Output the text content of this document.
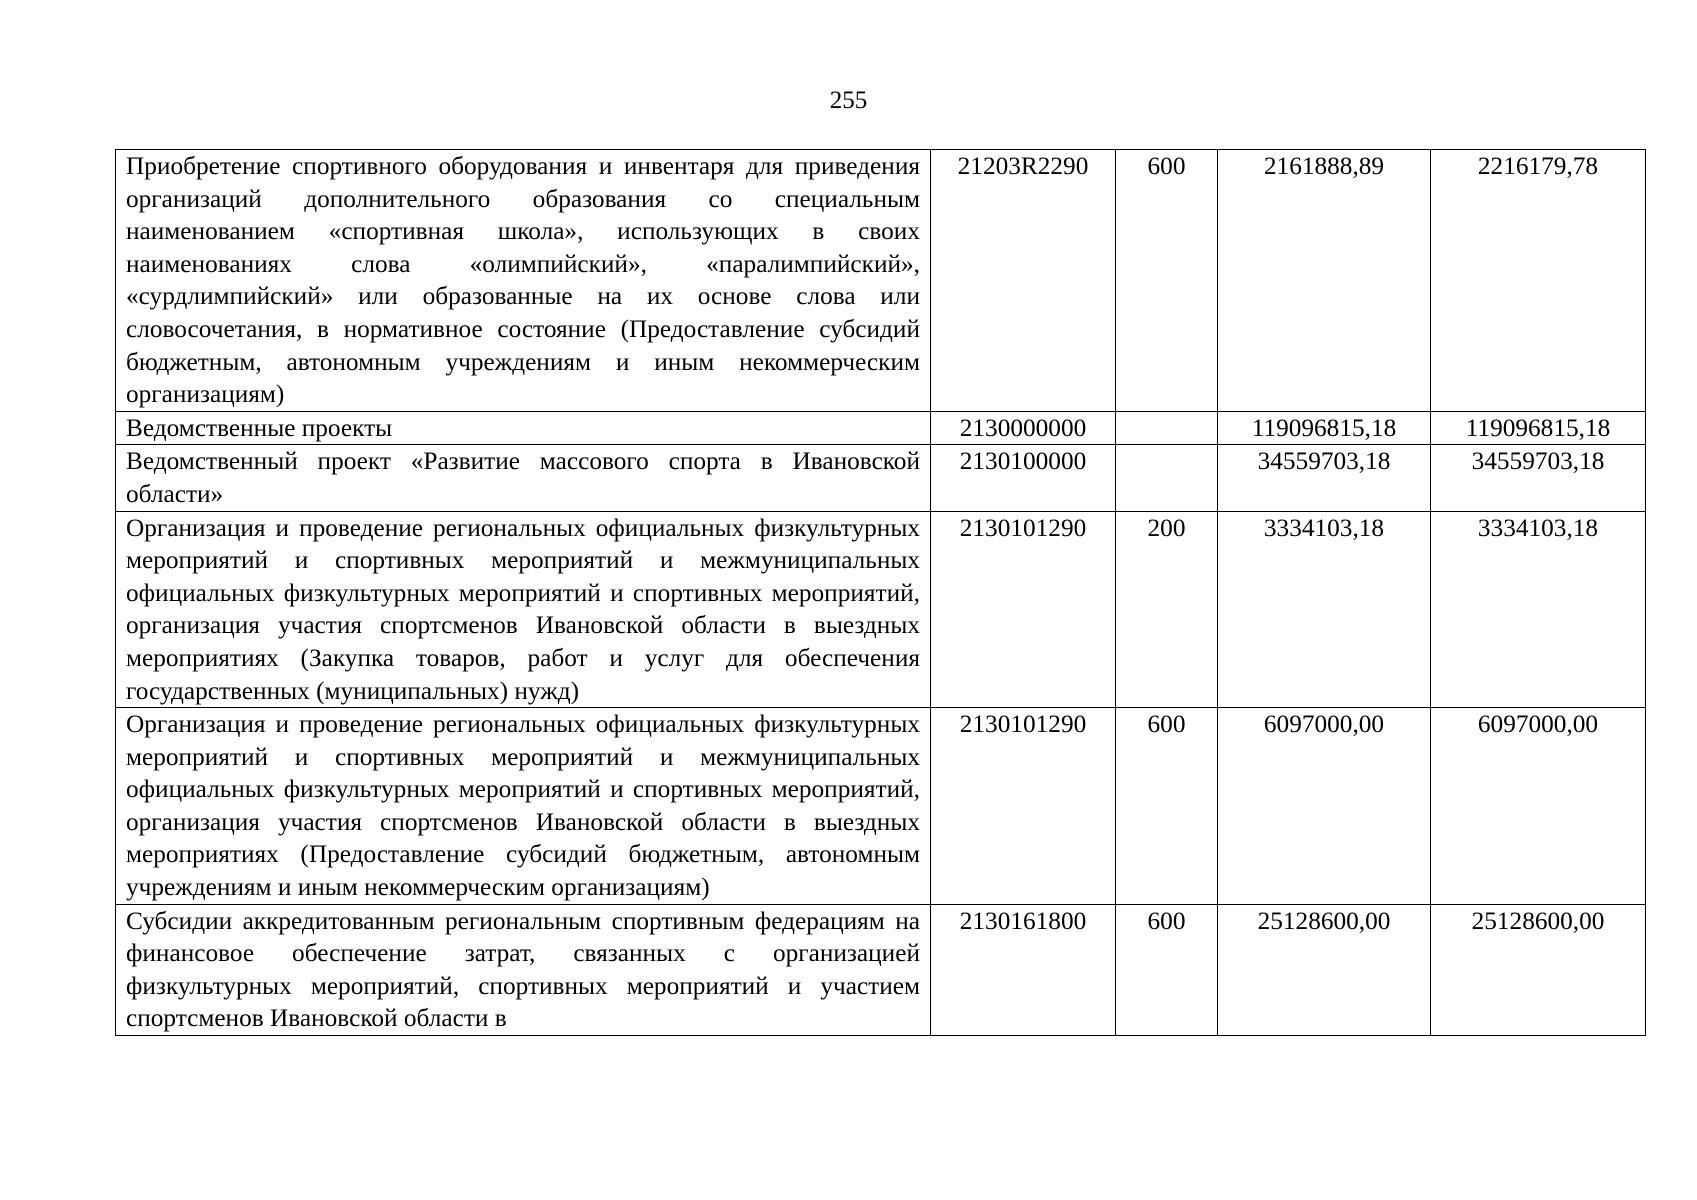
255
Приобретение спортивного оборудования и инвентаря для приведения организаций дополнительного образования со специальным наименованием «спортивная школа», использующих в своих наименованиях слова «олимпийский», «паралимпийский», «сурдлимпийский» или образованные на их основе слова или словосочетания, в нормативное состояние (Предоставление субсидий бюджетным, автономным учреждениям и иным некоммерческим организациям)	21203R2290	600	2161888,89	2216179,78
Ведомственные проекты	2130000000		119096815,18	119096815,18
Ведомственный проект «Развитие массового спорта в Ивановской области»	2130100000		34559703,18	34559703,18
Организация и проведение региональных официальных физкультурных мероприятий и спортивных мероприятий и межмуниципальных официальных физкультурных мероприятий и спортивных мероприятий, организация участия спортсменов Ивановской области в выездных мероприятиях (Закупка товаров, работ и услуг для обеспечения государственных (муниципальных) нужд)	2130101290	200	3334103,18	3334103,18
Организация и проведение региональных официальных физкультурных мероприятий и спортивных мероприятий и межмуниципальных официальных физкультурных мероприятий и спортивных мероприятий, организация участия спортсменов Ивановской области в выездных мероприятиях (Предоставление субсидий бюджетным, автономным учреждениям и иным некоммерческим организациям)	2130101290	600	6097000,00	6097000,00
Субсидии аккредитованным региональным спортивным федерациям на финансовое обеспечение затрат, связанных с организацией физкультурных мероприятий, спортивных мероприятий и участием спортсменов Ивановской области в	2130161800	600	25128600,00	25128600,00
